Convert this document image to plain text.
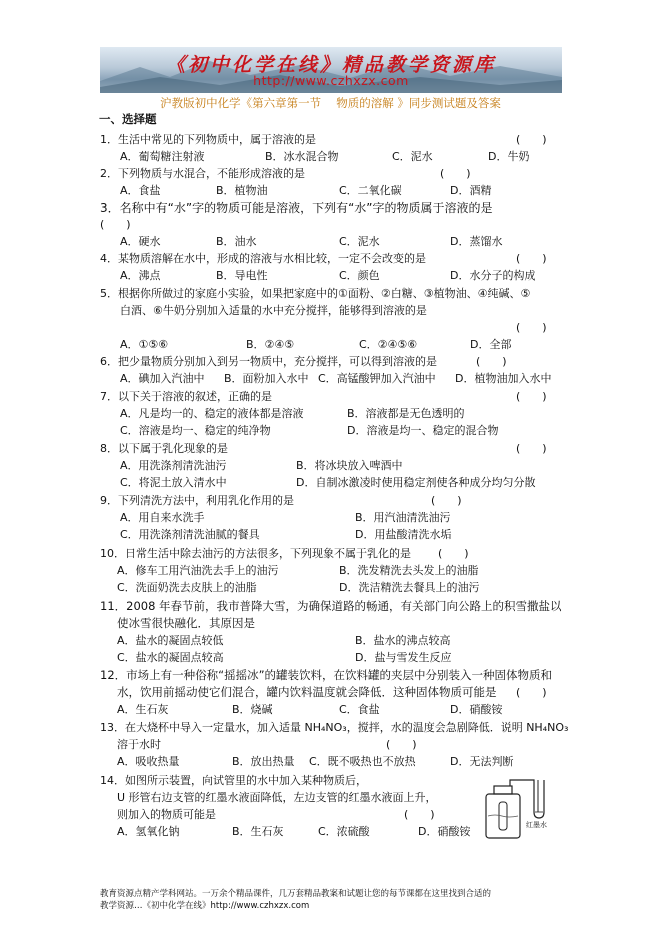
《初中化学在线》精品教学资源库
http://www.czhxzx.com
沪教版初中化学《第六章第一节　 物质的溶解 》同步测试题及答案
一、选择题
1．生活中常见的下列物质中，属于溶液的是	(　　)
A．葡萄糖注射液	B．冰水混合物	C．泥水	D．牛奶
2．下列物质与水混合，不能形成溶液的是	(　　)
A．食盐	B．植物油	C．二氧化碳	D．酒精
3．名称中有“水”字的物质可能是溶液，下列有“水”字的物质属于溶液的是
(　　)
A．硬水	B．油水	C．泥水	D．蒸馏水
4．某物质溶解在水中，形成的溶液与水相比较，一定不会改变的是	(　　)
A．沸点	B．导电性	C．颜色	D．水分子的构成
5．根据你所做过的家庭小实验，如果把家庭中的①面粉、②白糖、③植物油、④纯碱、⑤
白酒、⑥牛奶分别加入适量的水中充分搅拌，能够得到溶液的是
(　　)
A．①⑤⑥	B．②④⑤	C．②④⑤⑥	D．全部
6．把少量物质分别加入到另一物质中，充分搅拌，可以得到溶液的是	(　　)
A．碘加入汽油中 B．面粉加入水中 C．高锰酸钾加入汽油中 D．植物油加入水中
7．以下关于溶液的叙述，正确的是	(　　)
A．凡是均一的、稳定的液体都是溶液	B．溶液都是无色透明的
C．溶液是均一、稳定的纯净物	D．溶液是均一、稳定的混合物
8．以下属于乳化现象的是	(　　)
A．用洗涤剂清洗油污	B．将冰块放入啤酒中
C．将泥土放入清水中	D．自制冰激凌时使用稳定剂使各种成分均匀分散
9．下列清洗方法中，利用乳化作用的是	(　　)
A．用自来水洗手	B．用汽油清洗油污
C．用洗涤剂清洗油腻的餐具	D．用盐酸清洗水垢
10．日常生活中除去油污的方法很多，下列现象不属于乳化的是 (　　)
A．修车工用汽油洗去手上的油污	B．洗发精洗去头发上的油脂
C．洗面奶洗去皮肤上的油脂	D．洗洁精洗去餐具上的油污
11．2008 年春节前，我市普降大雪，为确保道路的畅通，有关部门向公路上的积雪撒盐以
使冰雪很快融化．其原因是
A．盐水的凝固点较低	B．盐水的沸点较高
C．盐水的凝固点较高	D．盐与雪发生反应
12．市场上有一种俗称“摇摇冰”的罐装饮料，在饮料罐的夹层中分别装入一种固体物质和
水，饮用前摇动使它们混合，罐内饮料温度就会降低．这种固体物质可能是 (　　)
A．生石灰	B．烧碱	C．食盐	D．硝酸铵
13．在大烧杯中导入一定量水，加入适量 NH₄NO₃，搅拌，水的温度会急剧降低．说明 NH₄NO₃
溶于水时	(　　)
A．吸收热量	B．放出热量 C．既不吸热也不放热	D．无法判断
14．如图所示装置，向试管里的水中加入某种物质后，
U 形管右边支管的红墨水液面降低，左边支管的红墨水液面上升，
则加入的物质可能是	(　　)
A．氢氧化钠	B．生石灰	C．浓硫酸	D．硝酸铵	红墨水
教育资源点精产学科网站。一万余个精品课件，几万套精品教案和试题让您的每节课都在这里找到合适的
教学资源…《初中化学在线》http://www.czhxzx.com
